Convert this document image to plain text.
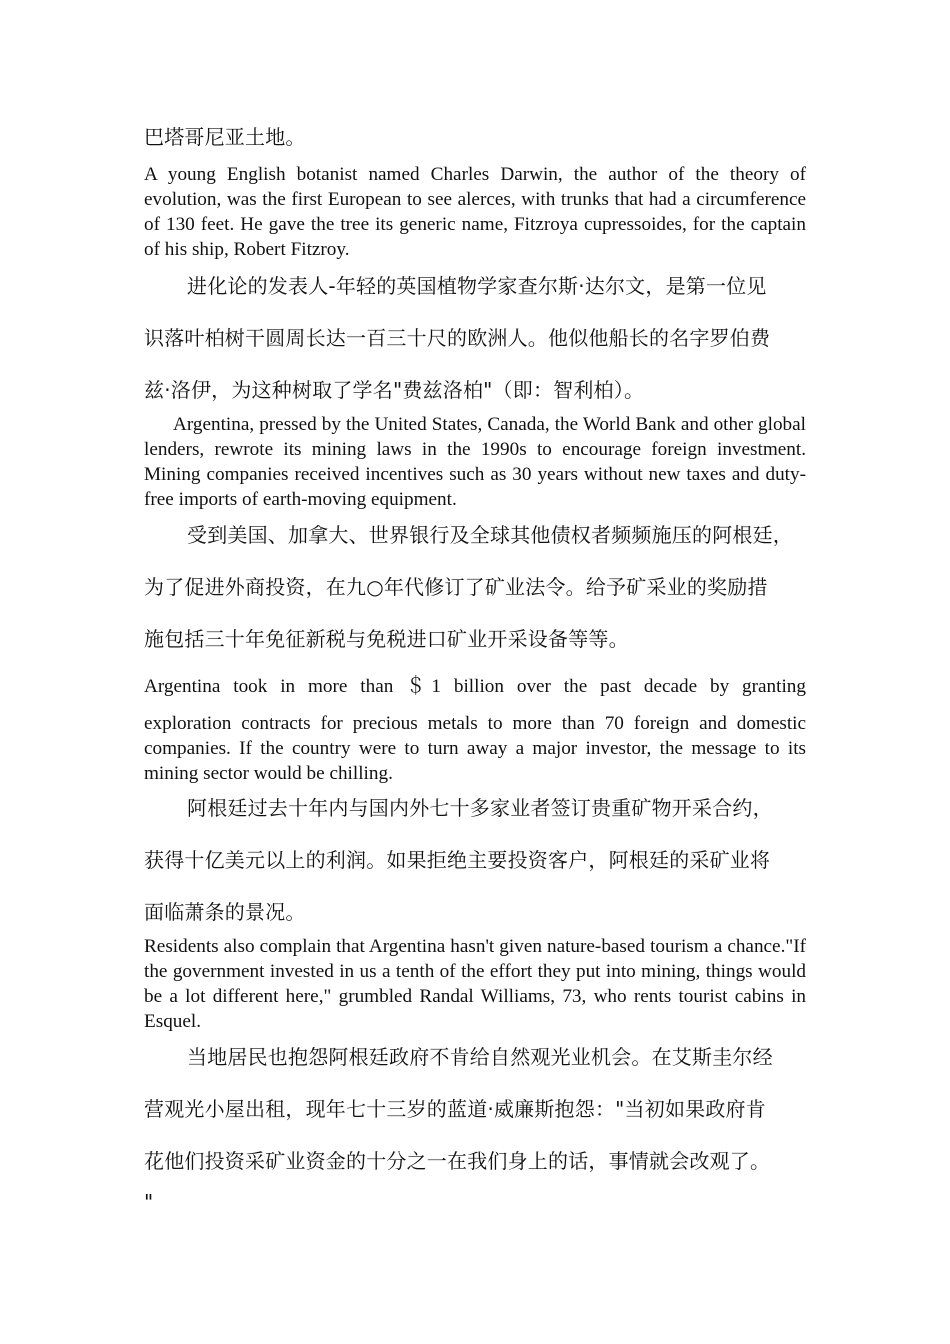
巴塔哥尼亚土地。

A young English botanist named Charles Darwin, the author of the theory of evolution, was the first European to see alerces, with trunks that had a circumference of 130 feet. He gave the tree its generic name, Fitzroya cupressoides, for the captain of his ship, Robert Fitzroy.

进化论的发表人-年轻的英国植物学家查尔斯·达尔文，是第一位见
识落叶柏树干圆周长达一百三十尺的欧洲人。他似他船长的名字罗伯费
兹·洛伊，为这种树取了学名"费兹洛柏"（即：智利柏）。

Argentina, pressed by the United States, Canada, the World Bank and other global lenders, rewrote its mining laws in the 1990s to encourage foreign investment. Mining companies received incentives such as 30 years without new taxes and duty-free imports of earth-moving equipment.

受到美国、加拿大、世界银行及全球其他债权者频频施压的阿根廷，
为了促进外商投资，在九○年代修订了矿业法令。给予矿采业的奖励措
施包括三十年免征新税与免税进口矿业开采设备等等。

Argentina took in more than ＄1 billion over the past decade by granting
exploration contracts for precious metals to more than 70 foreign and domestic companies. If the country were to turn away a major investor, the message to its mining sector would be chilling.

阿根廷过去十年内与国内外七十多家业者签订贵重矿物开采合约，
获得十亿美元以上的利润。如果拒绝主要投资客户，阿根廷的采矿业将
面临萧条的景况。

Residents also complain that Argentina hasn't given nature-based tourism a chance."If the government invested in us a tenth of the effort they put into mining, things would be a lot different here," grumbled Randal Williams, 73, who rents tourist cabins in Esquel.

当地居民也抱怨阿根廷政府不肯给自然观光业机会。在艾斯圭尔经
营观光小屋出租，现年七十三岁的蓝道·威廉斯抱怨："当初如果政府肯
花他们投资采矿业资金的十分之一在我们身上的话，事情就会改观了。
"
